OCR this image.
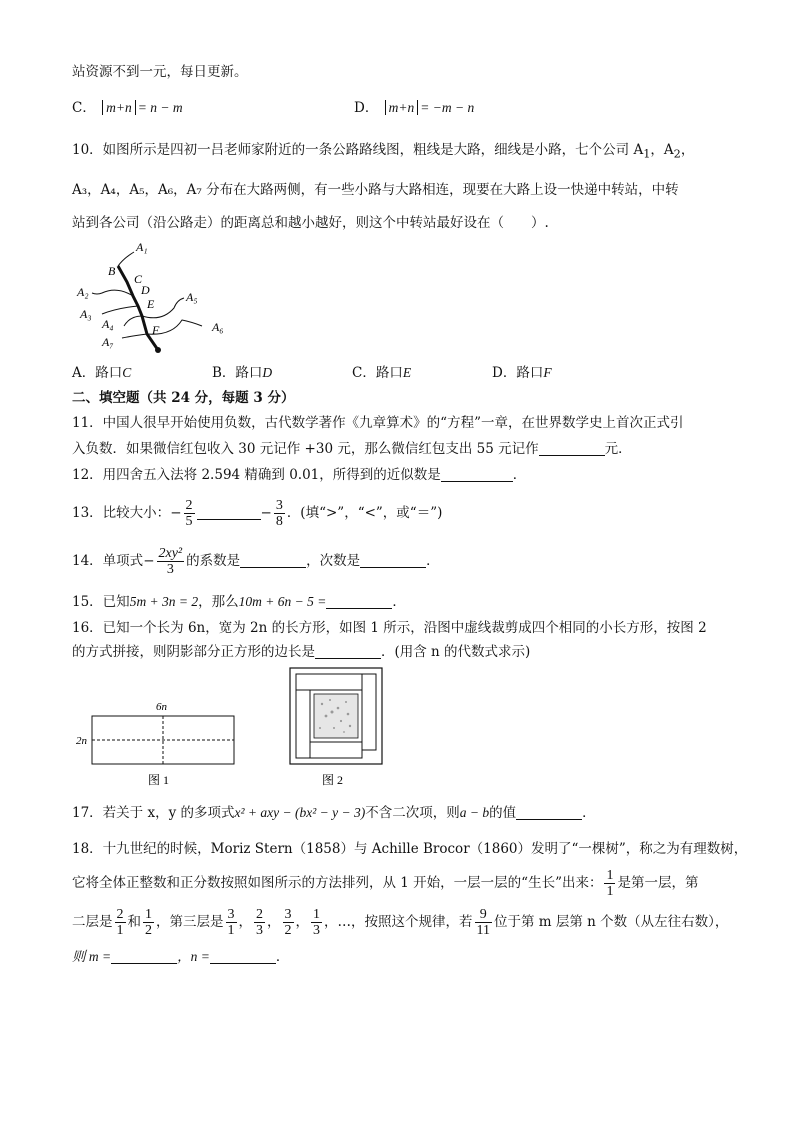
站资源不到一元，每日更新。
C． m+n = n − m	D． m+n = −m − n
10．如图所示是四初一吕老师家附近的一条公路路线图，粗线是大路，细线是小路，七个公司 $A_1$，$A_2$，
A₃，A₄，A₅，A₆，A₇ 分布在大路两侧，有一些小路与大路相连，现要在大路上设一快递中转站，中转
站到各公司（沿公路走）的距离总和越小越好，则这个中转站最好设在（　　）.
A₁
B
C
D
A₂
E	A₅
A₃
A₄	F	A₆
A₇
A．路口C	B．路口D	C．路口E	D．路口F
二、填空题（共 24 分，每题 3 分）
11．中国人很早开始使用负数，古代数学著作《九章算术》的“方程”一章，在世界数学史上首次正式引
入负数．如果微信红包收入 30 元记作 +30 元，那么微信红包支出 55 元记作	元．
12．用四舍五入法将 2.594 精确到 0.01，所得到的近似数是	．
13．比较大小：− $\frac{2}{5}$	− $\frac{3}{8}$ ．(填“>”，“<”，或“＝”)
14．单项式− $\frac{\text{2xy²}}{3}$ 的系数是	，次数是	．
15．已知5m + 3n = 2，那么10m + 6n − 5 =	．
16．已知一个长为 6n，宽为 2n 的长方形，如图 1 所示，沿图中虚线裁剪成四个相同的小长方形，按图 2
的方式拼接，则阴影部分正方形的边长是	．(用含 n 的代数式求示)
6n
2n
图 1	图 2
17．若关于 x，y 的多项式x² + axy − (bx² − y − 3)不含二次项，则a − b的值	．
18．十九世纪的时候，Moriz Stern（1858）与 Achille Brocor（1860）发明了“一棵树”，称之为有理数树，
它将全体正整数和正分数按照如图所示的方法排列，从 1 开始，一层一层的“生长”出来： $\frac{1}{1}$ 是第一层，第
二层是 $\frac{2}{1}$ 和 $\frac{1}{2}$ ，第三层是 $\frac{3}{1}$ ， $\frac{2}{3}$ ， $\frac{3}{2}$ ， $\frac{1}{3}$ ，…，按照这个规律，若 $\frac{9}{11}$ 位于第 m 层第 n 个数（从左往右数），
则 m =	，n =	．
